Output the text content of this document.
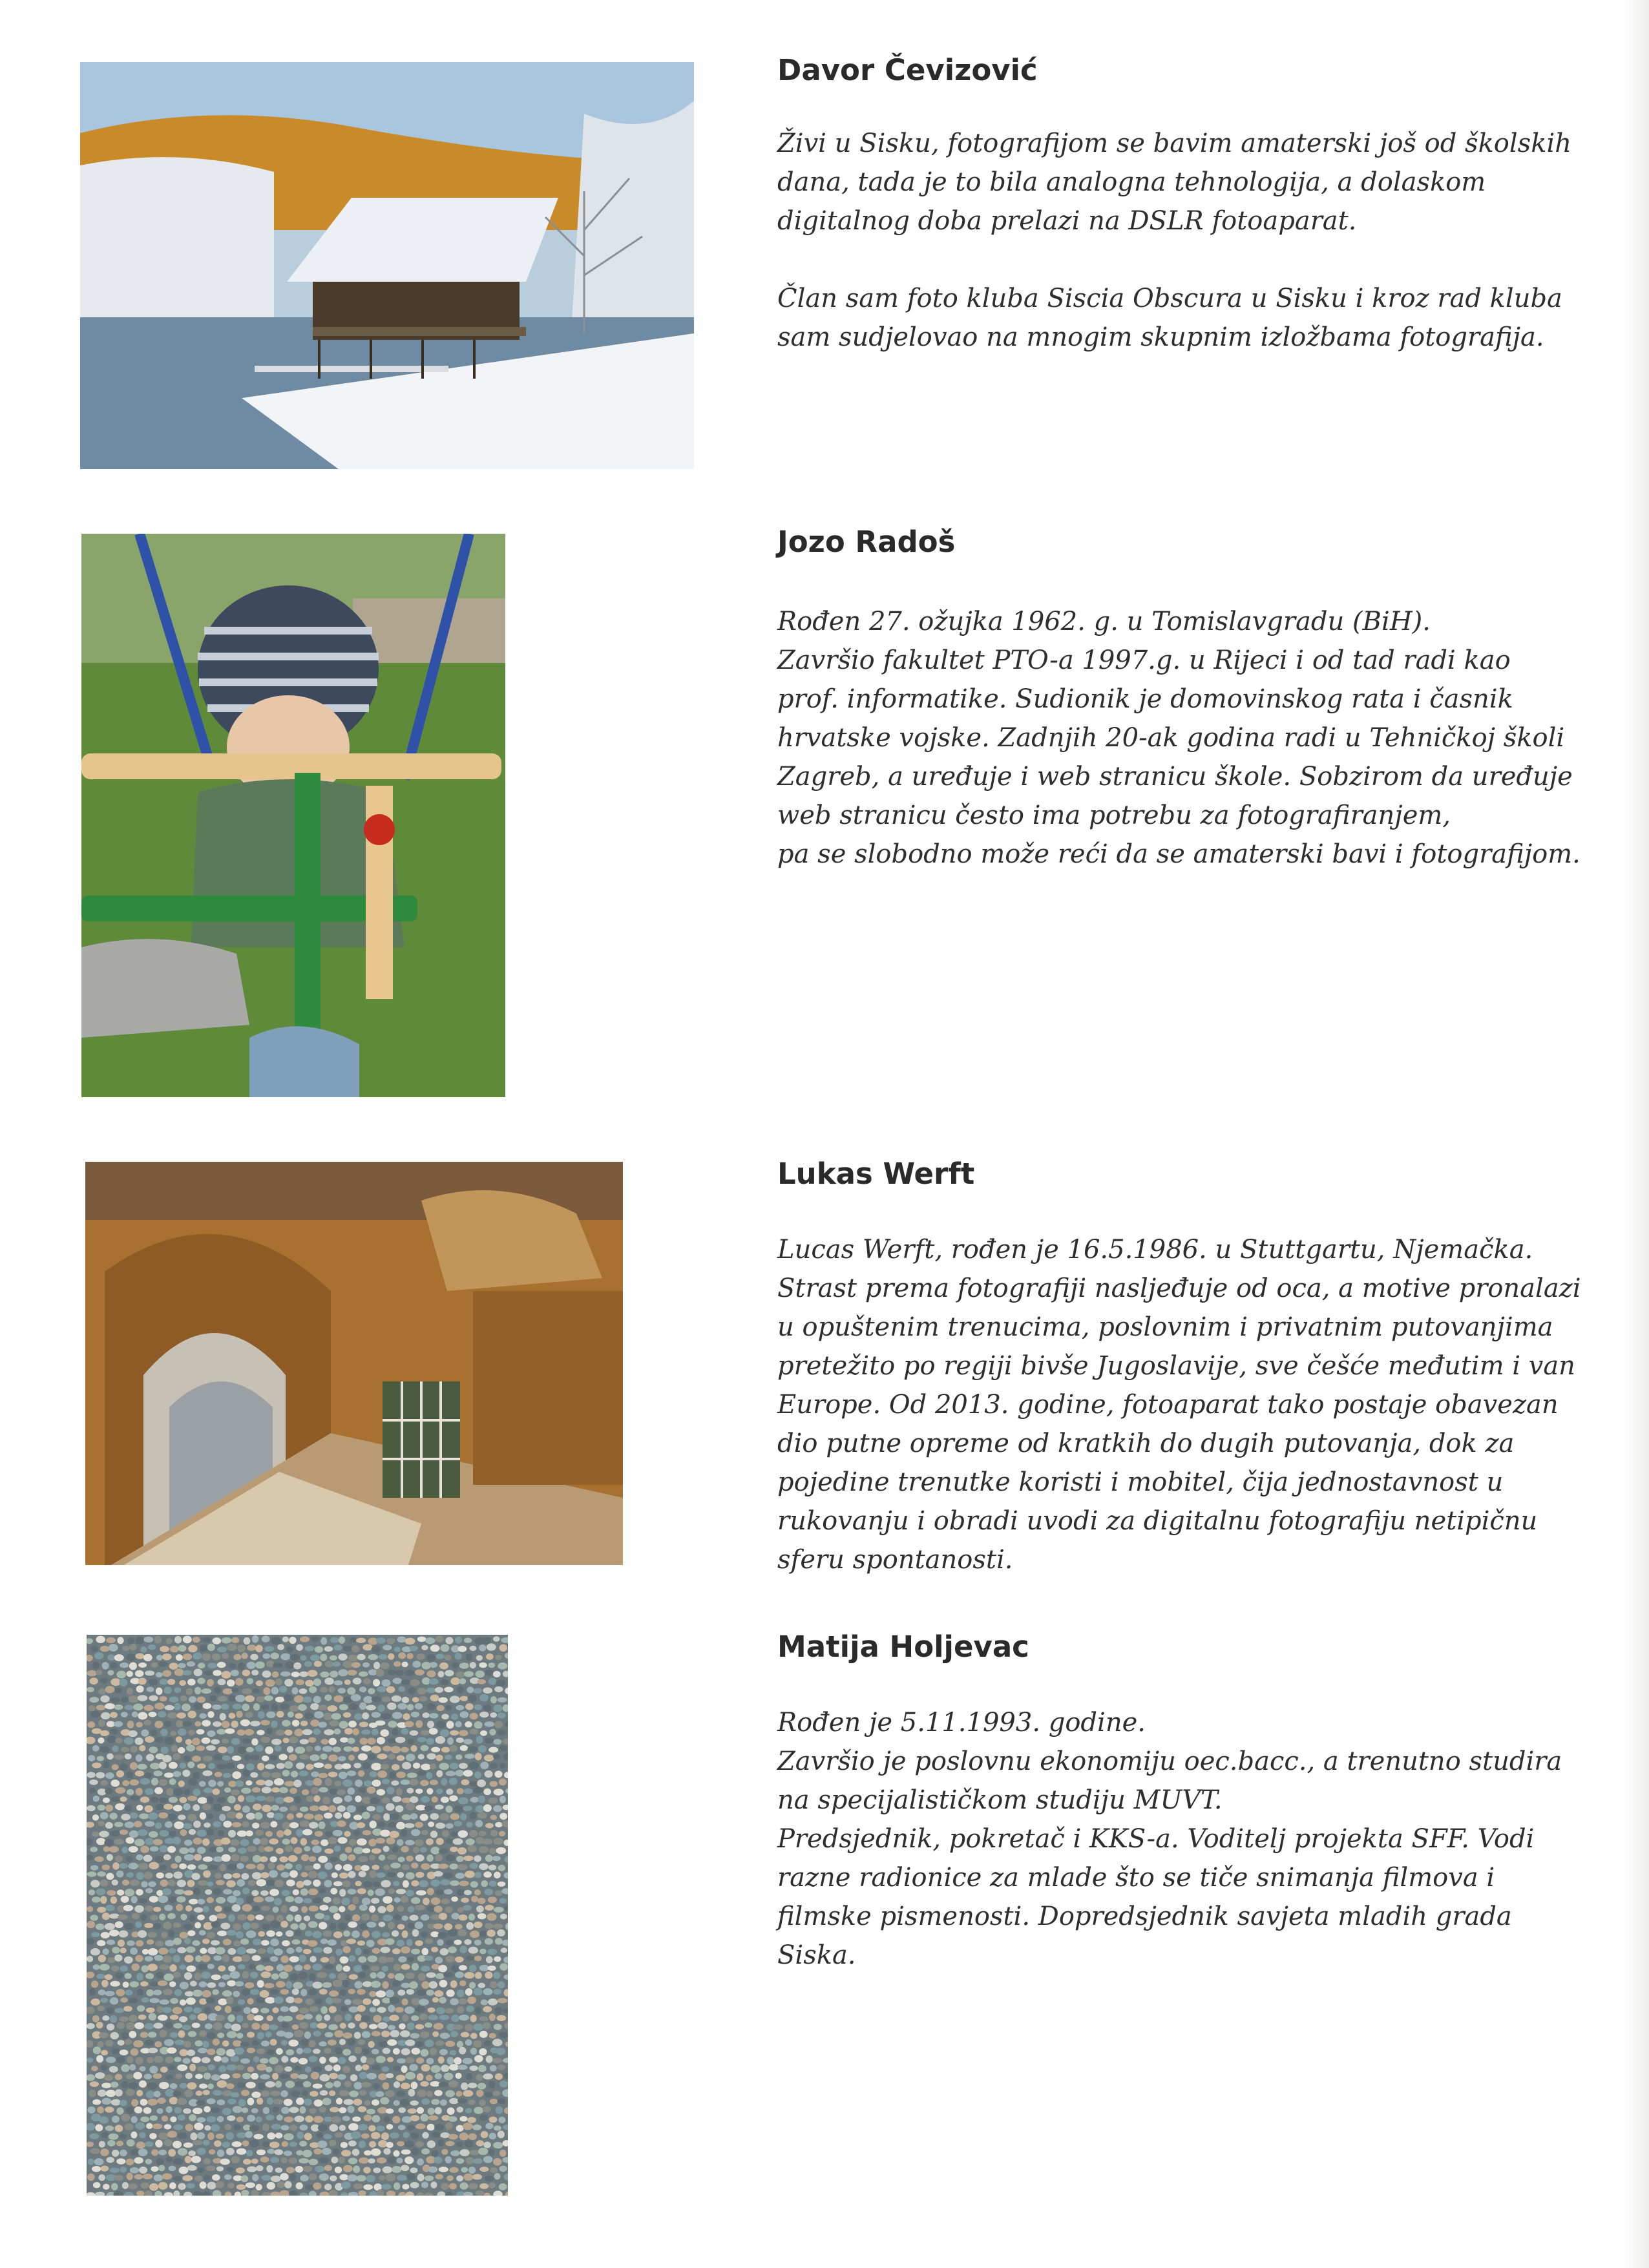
Davor Čevizović

Živi u Sisku, fotografijom se bavim amaterski još od školskih
dana, tada je to bila analogna tehnologija, a dolaskom
digitalnog doba prelazi na DSLR fotoaparat.
Član sam foto kluba Siscia Obscura u Sisku i kroz rad kluba
sam sudjelovao na mnogim skupnim izložbama fotografija.

Jozo Radoš

Rođen 27. ožujka 1962. g. u Tomislavgradu (BiH).
Završio fakultet PTO-a 1997.g. u Rijeci i od tad radi kao
prof. informatike. Sudionik je domovinskog rata i časnik
hrvatske vojske. Zadnjih 20-ak godina radi u Tehničkoj školi
Zagreb, a uređuje i web stranicu škole. Sobzirom da uređuje
web stranicu često ima potrebu za fotografiranjem,
pa se slobodno može reći da se amaterski bavi i fotografijom.

Lukas Werft

Lucas Werft, rođen je 16.5.1986. u Stuttgartu, Njemačka.
Strast prema fotografiji nasljeđuje od oca, a motive pronalazi
u opuštenim trenucima, poslovnim i privatnim putovanjima
pretežito po regiji bivše Jugoslavije, sve češće međutim i van
Europe. Od 2013. godine, fotoaparat tako postaje obavezan
dio putne opreme od kratkih do dugih putovanja, dok za
pojedine trenutke koristi i mobitel, čija jednostavnost u
rukovanju i obradi uvodi za digitalnu fotografiju netipičnu
sferu spontanosti.

Matija Holjevac

Rođen je 5.11.1993. godine.
Završio je poslovnu ekonomiju oec.bacc., a trenutno studira
na specijalističkom studiju MUVT.
Predsjednik, pokretač i KKS-a. Voditelj projekta SFF. Vodi
razne radionice za mlade što se tiče snimanja filmova i
filmske pismenosti. Dopredsjednik savjeta mladih grada
Siska.
